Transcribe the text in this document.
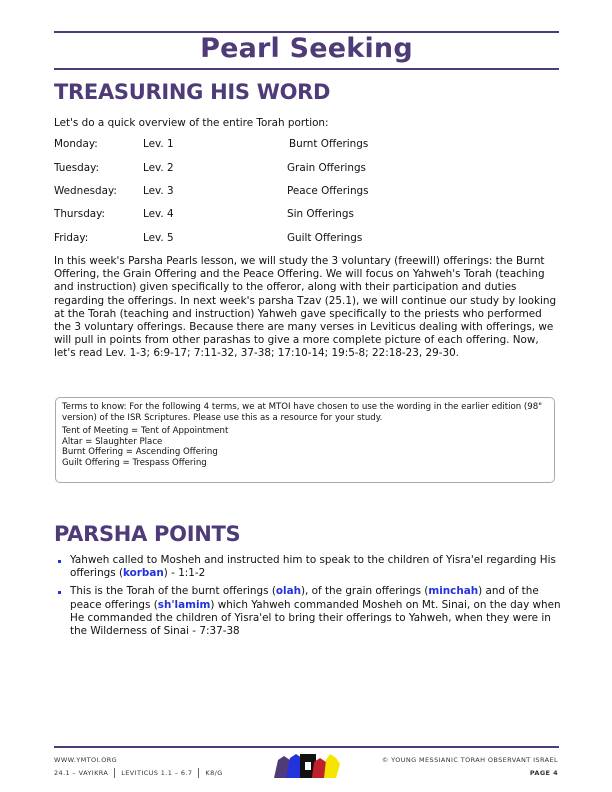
Pearl Seeking
TREASURING HIS WORD
Let's do a quick overview of the entire Torah portion:
Monday:	Lev. 1	Burnt Offerings
Tuesday:	Lev. 2	Grain Offerings
Wednesday:	Lev. 3	Peace Offerings
Thursday:	Lev. 4	Sin Offerings
Friday:	Lev. 5	Guilt Offerings
In this week's Parsha Pearls lesson, we will study the 3 voluntary (freewill) offerings: the Burnt Offering, the Grain Offering and the Peace Offering. We will focus on Yahweh's Torah (teaching and instruction) given specifically to the offeror, along with their participation and duties regarding the offerings. In next week's parsha Tzav (25.1), we will continue our study by looking at the Torah (teaching and instruction) Yahweh gave specifically to the priests who performed the 3 voluntary offerings. Because there are many verses in Leviticus dealing with offerings, we will pull in points from other parashas to give a more complete picture of each offering. Now, let's read Lev. 1-3; 6:9-17; 7:11-32, 37-38; 17:10-14; 19:5-8; 22:18-23, 29-30.

Terms to know: For the following 4 terms, we at MTOI have chosen to use the wording in the earlier edition (98" version) of the ISR Scriptures. Please use this as a resource for your study.

Tent of Meeting = Tent of Appointment
Altar = Slaughter Place
Burnt Offering = Ascending Offering
Guilt Offering = Trespass Offering
PARSHA POINTS
Yahweh called to Mosheh and instructed him to speak to the children of Yisra'el regarding His offerings (korban) - 1:1-2
This is the Torah of the burnt offerings (olah), of the grain offerings (minchah) and of the peace offerings (sh'lamim) which Yahweh commanded Mosheh on Mt. Sinai, on the day when He commanded the children of Yisra'el to bring their offerings to Yahweh, when they were in the Wilderness of Sinai - 7:37-38
WWW.YMTOI.ORG
24.1 – VAYIKRA LEVITICUS 1.1 – 6.7 K8/G
© YOUNG MESSIANIC TORAH OBSERVANT ISRAEL
PAGE 4
